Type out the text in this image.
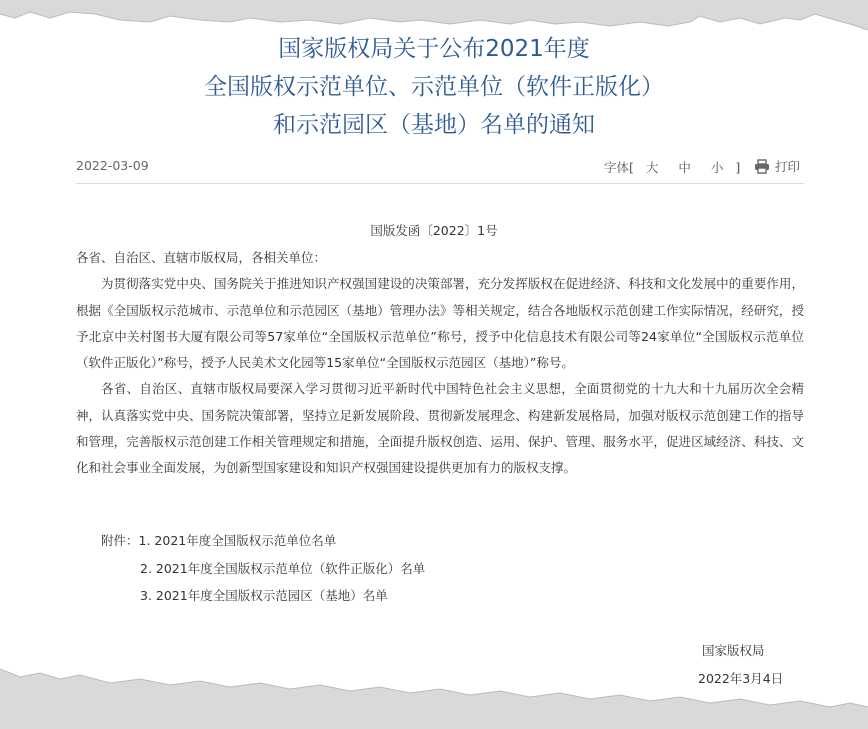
国家版权局关于公布2021年度
全国版权示范单位、示范单位（软件正版化）
和示范园区（基地）名单的通知
2022-03-09	字体[ 大 中 小 ]	打印
国版发函〔2022〕1号

各省、自治区、直辖市版权局，各相关单位：

为贯彻落实党中央、国务院关于推进知识产权强国建设的决策部署，充分发挥版权在促进经济、科技和文化发展中的重要作用，根据《全国版权示范城市、示范单位和示范园区（基地）管理办法》等相关规定，结合各地版权示范创建工作实际情况，经研究，授予北京中关村图书大厦有限公司等57家单位“全国版权示范单位”称号，授予中化信息技术有限公司等24家单位“全国版权示范单位（软件正版化）”称号，授予人民美术文化园等15家单位“全国版权示范园区（基地）”称号。

各省、自治区、直辖市版权局要深入学习贯彻习近平新时代中国特色社会主义思想，全面贯彻党的十九大和十九届历次全会精神，认真落实党中央、国务院决策部署，坚持立足新发展阶段、贯彻新发展理念、构建新发展格局，加强对版权示范创建工作的指导和管理，完善版权示范创建工作相关管理规定和措施，全面提升版权创造、运用、保护、管理、服务水平，促进区域经济、科技、文化和社会事业全面发展，为创新型国家建设和知识产权强国建设提供更加有力的版权支撑。

附件：1. 2021年度全国版权示范单位名单
2. 2021年度全国版权示范单位（软件正版化）名单
3. 2021年度全国版权示范园区（基地）名单
国家版权局
2022年3月4日
